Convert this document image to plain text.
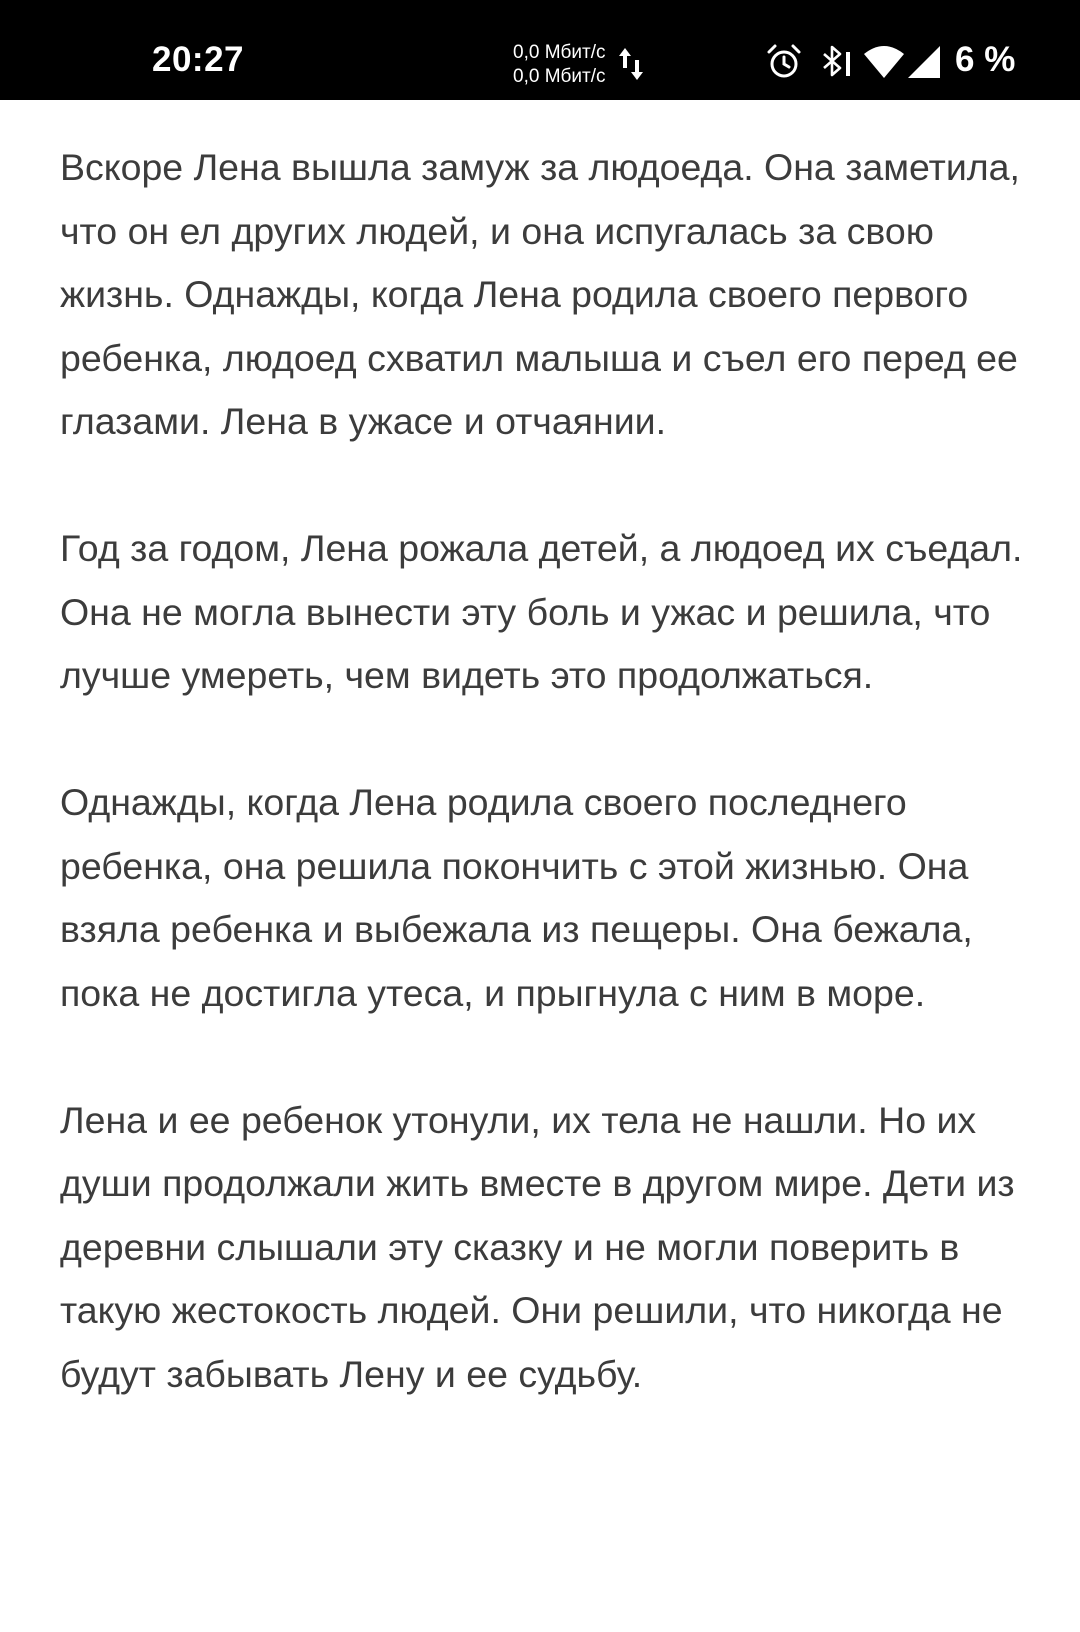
20:27	0,0 Мбит/с
0,0 Мбит/с	6 %

Вскоре Лена вышла замуж за людоеда. Она заметила, что он ел других людей, и она испугалась за свою жизнь. Однажды, когда Лена родила своего первого ребенка, людоед схватил малыша и съел его перед ее глазами. Лена в ужасе и отчаянии.

Год за годом, Лена рожала детей, а людоед их съедал. Она не могла вынести эту боль и ужас и решила, что лучше умереть, чем видеть это продолжаться.

Однажды, когда Лена родила своего последнего ребенка, она решила покончить с этой жизнью. Она взяла ребенка и выбежала из пещеры. Она бежала, пока не достигла утеса, и прыгнула с ним в море.

Лена и ее ребенок утонули, их тела не нашли. Но их души продолжали жить вместе в другом мире. Дети из деревни слышали эту сказку и не могли поверить в такую жестокость людей. Они решили, что никогда не будут забывать Лену и ее судьбу.
